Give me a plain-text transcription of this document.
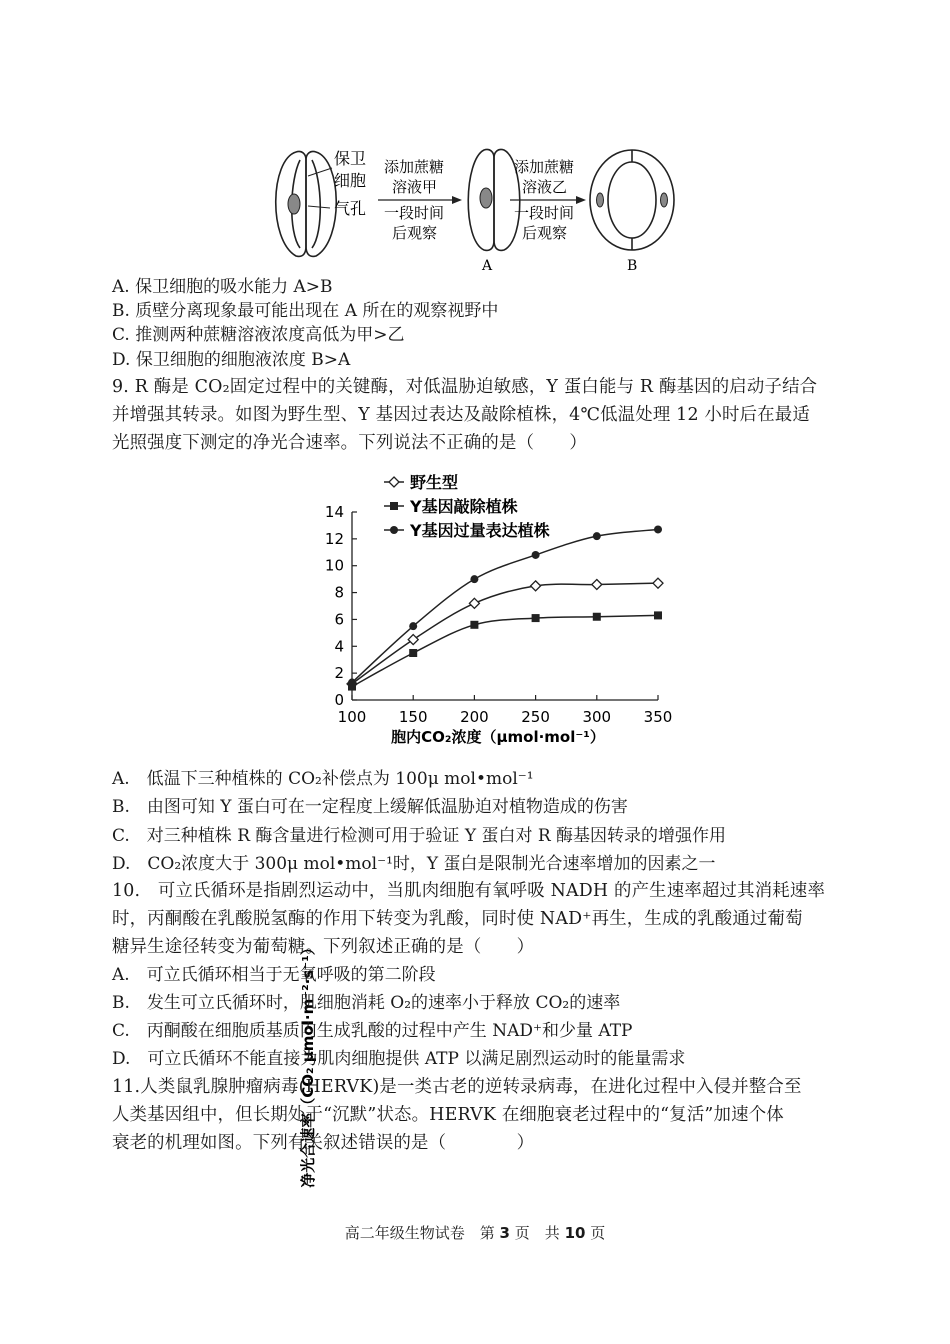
保卫
细胞
气孔
添加蔗糖
溶液甲
一段时间
后观察
A
添加蔗糖
溶液乙
一段时间
后观察
B
A. 保卫细胞的吸水能力 A>B
B. 质壁分离现象最可能出现在 A 所在的观察视野中
C. 推测两种蔗糖溶液浓度高低为甲>乙
D. 保卫细胞的细胞液浓度 B>A
9. R 酶是 CO₂固定过程中的关键酶，对低温胁迫敏感，Y 蛋白能与 R 酶基因的启动子结合
并增强其转录。如图为野生型、Y 基因过表达及敲除植株，4℃低温处理 12 小时后在最适
光照强度下测定的净光合速率。下列说法不正确的是（　　）
野生型
Y基因敲除植株
Y基因过量表达植株
100 150 200 250 300 350
0
2
4
6
8
10
12
14
净光合速率（CO₂ μmol·m⁻²·s⁻¹）
胞内CO₂浓度（μmol·mol⁻¹）
A.　低温下三种植株的 CO₂补偿点为 100μ mol•mol⁻¹
B.　由图可知 Y 蛋白可在一定程度上缓解低温胁迫对植物造成的伤害
C.　对三种植株 R 酶含量进行检测可用于验证 Y 蛋白对 R 酶基因转录的增强作用
D.　CO₂浓度大于 300μ mol•mol⁻¹时，Y 蛋白是限制光合速率增加的因素之一
10.　可立氏循环是指剧烈运动中，当肌肉细胞有氧呼吸 NADH 的产生速率超过其消耗速率
时，丙酮酸在乳酸脱氢酶的作用下转变为乳酸，同时使 NAD⁺再生，生成的乳酸通过葡萄
糖异生途径转变为葡萄糖。下列叙述正确的是（　　）
A.　可立氏循环相当于无氧呼吸的第二阶段
B.　发生可立氏循环时，肌细胞消耗 O₂的速率小于释放 CO₂的速率
C.　丙酮酸在细胞质基质内生成乳酸的过程中产生 NAD⁺和少量 ATP
D.　可立氏循环不能直接为肌肉细胞提供 ATP 以满足剧烈运动时的能量需求
11.人类鼠乳腺肿瘤病毒(HERVK)是一类古老的逆转录病毒，在进化过程中入侵并整合至
人类基因组中，但长期处于“沉默”状态。HERVK 在细胞衰老过程中的“复活”加速个体
衰老的机理如图。下列有关叙述错误的是（　　　　）
高二年级生物试卷　第 3 页　共 10 页
